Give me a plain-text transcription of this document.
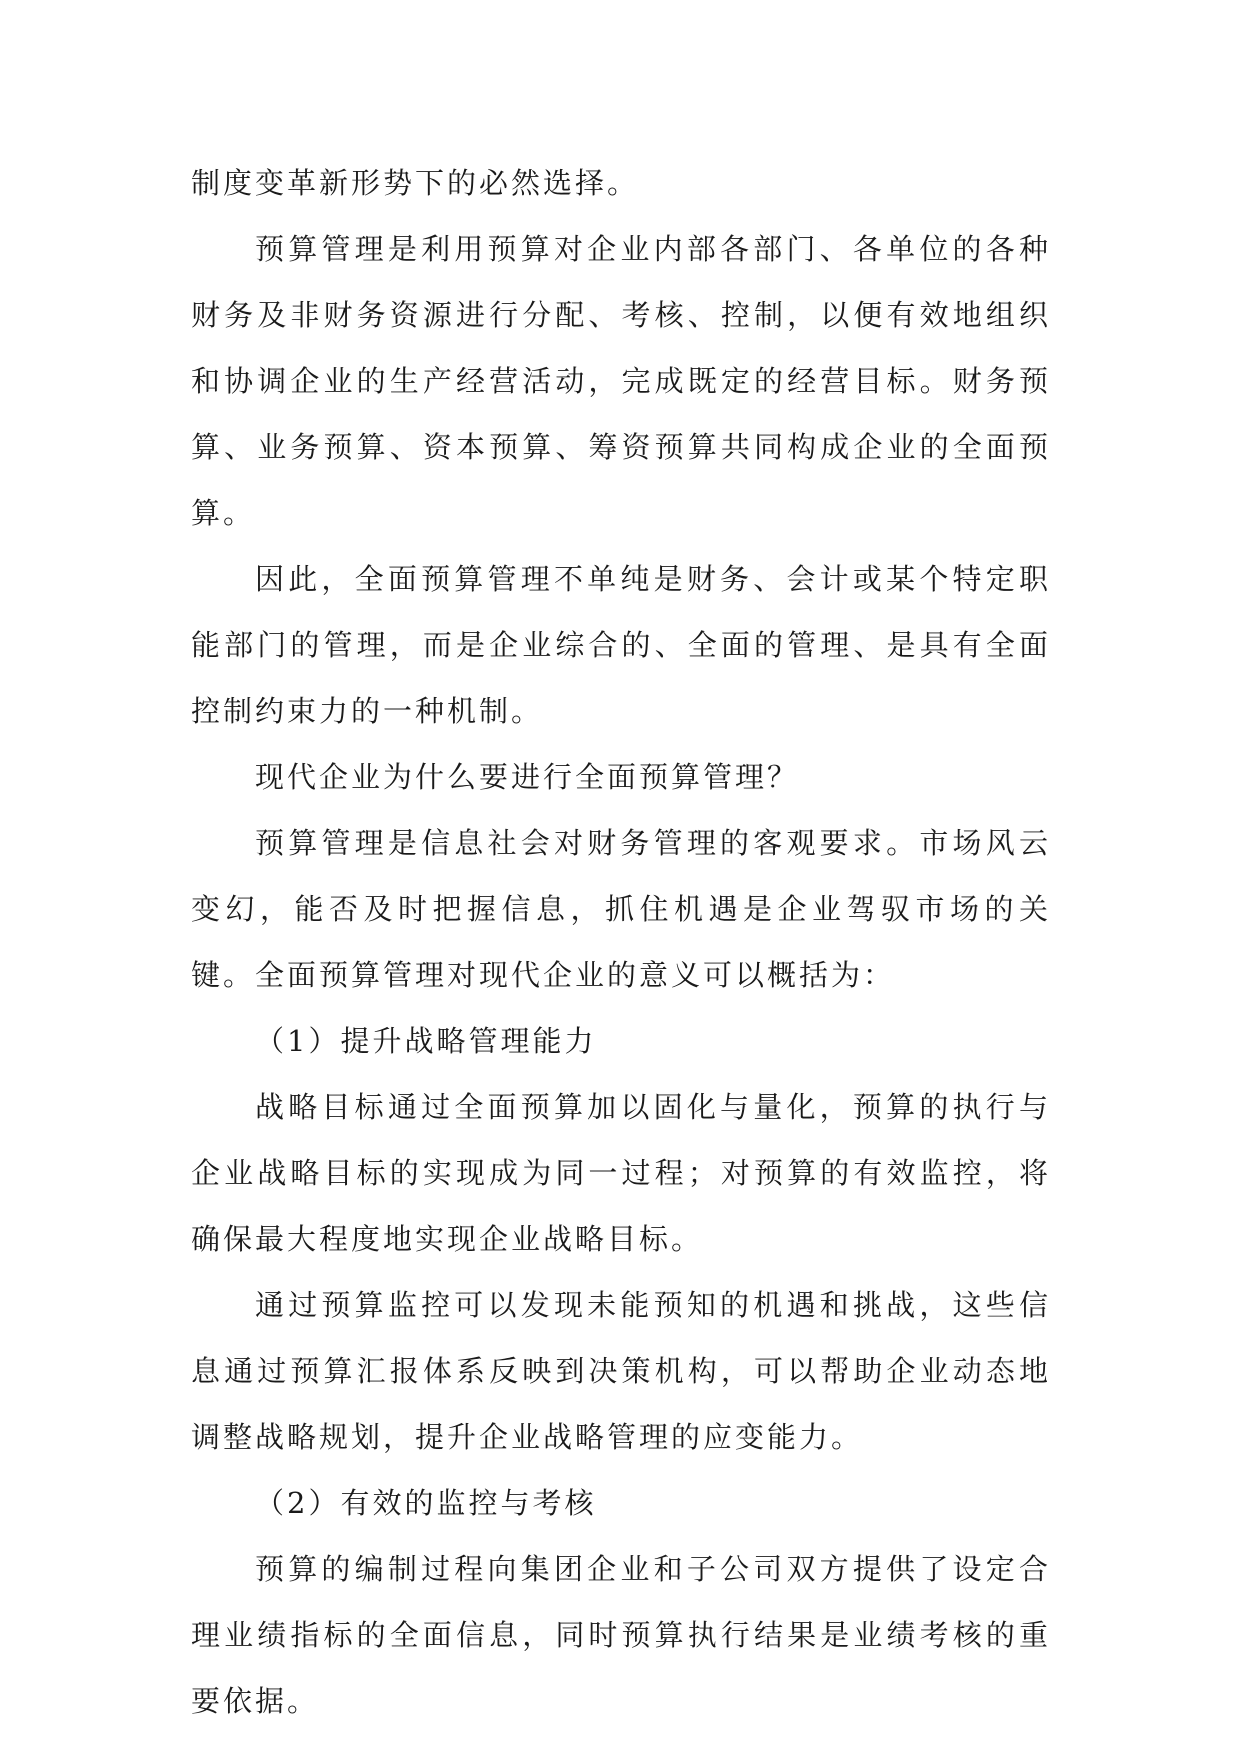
制度变革新形势下的必然选择。

预算管理是利用预算对企业内部各部门、各单位的各种财务及非财务资源进行分配、考核、控制，以便有效地组织和协调企业的生产经营活动，完成既定的经营目标。财务预算、业务预算、资本预算、筹资预算共同构成企业的全面预算。

因此，全面预算管理不单纯是财务、会计或某个特定职能部门的管理，而是企业综合的、全面的管理、是具有全面控制约束力的一种机制。

现代企业为什么要进行全面预算管理？

预算管理是信息社会对财务管理的客观要求。市场风云变幻，能否及时把握信息，抓住机遇是企业驾驭市场的关键。全面预算管理对现代企业的意义可以概括为：

（1）提升战略管理能力

战略目标通过全面预算加以固化与量化，预算的执行与企业战略目标的实现成为同一过程；对预算的有效监控，将确保最大程度地实现企业战略目标。

通过预算监控可以发现未能预知的机遇和挑战，这些信息通过预算汇报体系反映到决策机构，可以帮助企业动态地调整战略规划，提升企业战略管理的应变能力。

（2）有效的监控与考核

预算的编制过程向集团企业和子公司双方提供了设定合理业绩指标的全面信息，同时预算执行结果是业绩考核的重要依据。
